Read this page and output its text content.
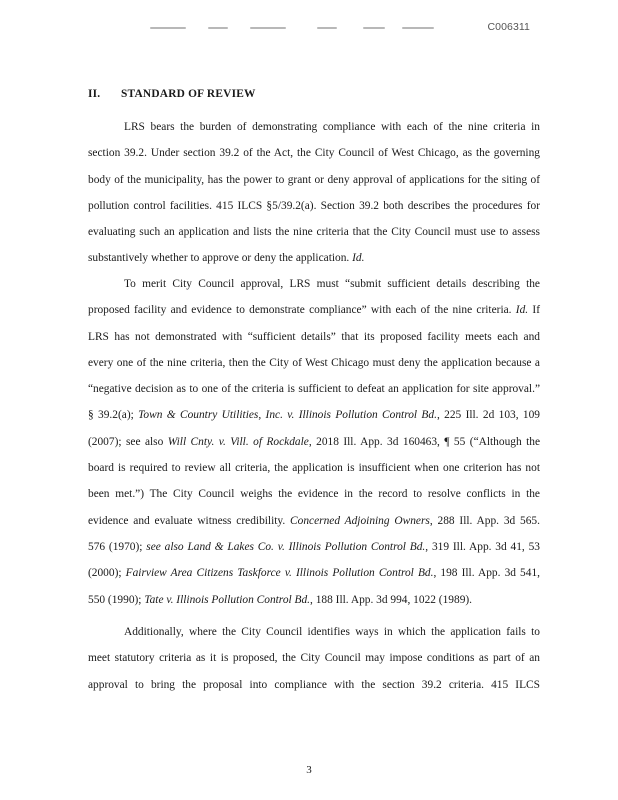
C006311
II. STANDARD OF REVIEW
LRS bears the burden of demonstrating compliance with each of the nine criteria in
section 39.2. Under section 39.2 of the Act, the City Council of West Chicago, as the governing
body of the municipality, has the power to grant or deny approval of applications for the siting of
pollution control facilities. 415 ILCS §5/39.2(a). Section 39.2 both describes the procedures for
evaluating such an application and lists the nine criteria that the City Council must use to assess
substantively whether to approve or deny the application. Id.
To merit City Council approval, LRS must “submit sufficient details describing the
proposed facility and evidence to demonstrate compliance” with each of the nine criteria. Id. If
LRS has not demonstrated with “sufficient details” that its proposed facility meets each and
every one of the nine criteria, then the City of West Chicago must deny the application because a
“negative decision as to one of the criteria is sufficient to defeat an application for site approval.”
§ 39.2(a); Town & Country Utilities, Inc. v. Illinois Pollution Control Bd., 225 Ill. 2d 103, 109
(2007); see also Will Cnty. v. Vill. of Rockdale, 2018 Ill. App. 3d 160463, ¶ 55 (“Although the
board is required to review all criteria, the application is insufficient when one criterion has not
been met.”) The City Council weighs the evidence in the record to resolve conflicts in the
evidence and evaluate witness credibility. Concerned Adjoining Owners, 288 Ill. App. 3d 565.
576 (1970); see also Land & Lakes Co. v. Illinois Pollution Control Bd., 319 Ill. App. 3d 41, 53
(2000); Fairview Area Citizens Taskforce v. Illinois Pollution Control Bd., 198 Ill. App. 3d 541,
550 (1990); Tate v. Illinois Pollution Control Bd., 188 Ill. App. 3d 994, 1022 (1989).
Additionally, where the City Council identifies ways in which the application fails to
meet statutory criteria as it is proposed, the City Council may impose conditions as part of an
approval to bring the proposal into compliance with the section 39.2 criteria. 415 ILCS
3
